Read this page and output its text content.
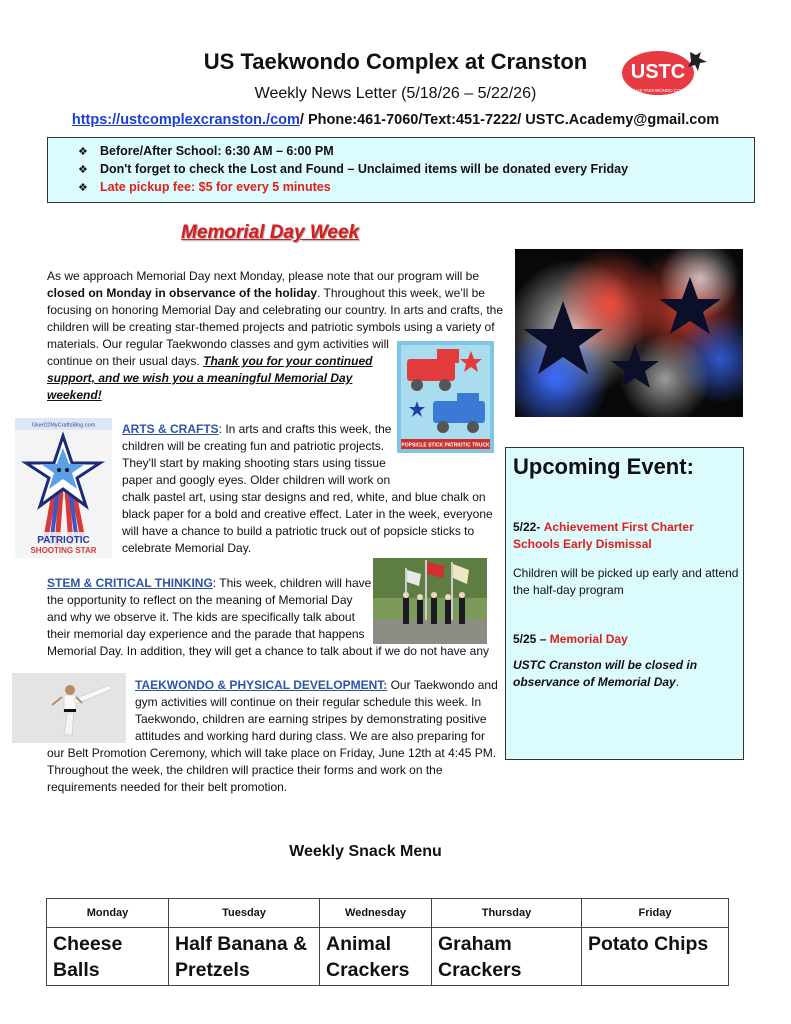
US Taekwondo Complex at Cranston
Weekly News Letter (5/18/26 – 5/22/26)
https://ustcomplexcranston./com/ Phone:461-7060/Text:451-7222/ USTC.Academy@gmail.com
USTC
US TAEKWONDO COMPLEX
❖ Before/After School: 6:30 AM – 6:00 PM
❖ Don't forget to check the Lost and Found – Unclaimed items will be donated every Friday
❖ Late pickup fee: $5 for every 5 minutes
Memorial Day Week
As we approach Memorial Day next Monday, please note that our program will be
closed on Monday in observance of the holiday. Throughout this week, we’ll be
focusing on honoring Memorial Day and celebrating our country. In arts and crafts, the
children will be creating star-themed projects and patriotic symbols using a variety of
materials. Our regular Taekwondo classes and gym activities will
continue on their usual days. Thank you for your continued
support, and we wish you a meaningful Memorial Day
weekend!
POPSICLE STICK PATRIOTIC TRUCK
GlueD2MyCraftsBlog.com
PATRIOTIC
SHOOTING STAR
ARTS & CRAFTS: In arts and crafts this week, the
children will be creating fun and patriotic projects.
They'll start by making shooting stars using tissue
paper and googly eyes. Older children will work on
chalk pastel art, using star designs and red, white, and blue chalk on
black paper for a bold and creative effect. Later in the week, everyone
will have a chance to build a patriotic truck out of popsicle sticks to
celebrate Memorial Day.
STEM & CRITICAL THINKING: This week, children will have
the opportunity to reflect on the meaning of Memorial Day
and why we observe it. The kids are specifically talk about
their memorial day experience and the parade that happens
Memorial Day. In addition, they will get a chance to talk about if we do not have any
TAEKWONDO & PHYSICAL DEVELOPMENT: Our Taekwondo and
gym activities will continue on their regular schedule this week. In
Taekwondo, children are earning stripes by demonstrating positive
attitudes and working hard during class. We are also preparing for
our Belt Promotion Ceremony, which will take place on Friday, June 12th at 4:45 PM.
Throughout the week, the children will practice their forms and work on the
requirements needed for their belt promotion.
Upcoming Event:
5/22- Achievement First Charter Schools Early Dismissal
Children will be picked up early and attend the half-day program
5/25 – Memorial Day
USTC Cranston will be closed in observance of Memorial Day.
Weekly Snack Menu
Monday	Tuesday	Wednesday	Thursday	Friday
Cheese Balls	Half Banana & Pretzels	Animal Crackers	Graham Crackers	Potato Chips
